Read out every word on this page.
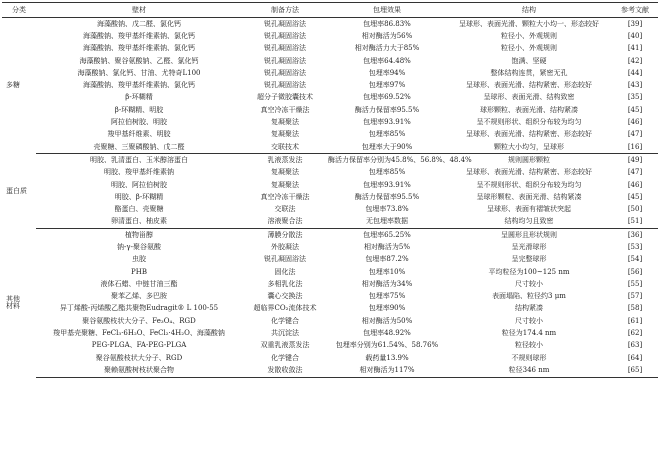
分类	壁材	制备方法	包埋效果	结构	参考文献
多糖	海藻酸钠、戊二醛、氯化钙	锐孔凝固浴法	包埋率86.83%	呈球形、表面光滑、颗粒大小均一、形态较好	[39]
	海藻酸钠、羧甲基纤维素钠、氯化钙	锐孔凝固浴法	相对酶活为56%	粒径小、外观规则	[40]
	海藻酸钠、羧甲基纤维素钠、氯化钙	锐孔凝固浴法	相对酶活力大于85%	粒径小、外观规则	[41]
	海藻酸钠、聚谷氨酸钠、乙醛、氯化钙	锐孔凝固浴法	包埋率64.48%	饱满、坚硬	[42]
	海藻酸钠、氯化钙、甘油、尤特奇L100	锐孔凝固浴法	包埋率94%	整体结构连贯，紧密无孔	[44]
	海藻酸钠、羧甲基纤维素钠、氯化钙	锐孔凝固浴法	包埋率97%	呈球形、表面光滑、结构紧密、形态较好	[43]
	β-环糊精	超分子微胶囊技术	包埋率69.52%	呈球形、表面光滑、结构致密	[35]
	β-环糊精、明胶	真空冷冻干燥法	酶活力保留率95.5%	球形颗粒、表面光滑、结构紧凑	[45]
	阿拉伯树胶、明胶	复凝聚法	包埋率93.91%	呈不规则形状、组织分布较为均匀	[46]
	羧甲基纤维素、明胶	复凝聚法	包埋率85%	呈球形、表面光滑、结构紧密、形态较好	[47]
	壳聚糖、三聚磷酸钠、戊二醛	交联技术	包埋率大于90%	颗粒大小均匀，呈球形	[16]
蛋白质	明胶、乳清蛋白、玉米醇溶蛋白	乳液蒸发法	酶活力保留率分别为45.8%、56.8%、48.4%	规则圆形颗粒	[49]
	明胶、羧甲基纤维素钠	复凝聚法	包埋率85%	呈球形、表面光滑、结构紧密、形态较好	[47]
	明胶、阿拉伯树胶	复凝聚法	包埋率93.91%	呈不规则形状、组织分布较为均匀	[46]
	明胶、β-环糊精	真空冷冻干燥法	酶活力保留率95.5%	呈球形颗粒、表面光滑、结构紧凑	[45]
	酪蛋白、壳聚糖	交联法	包埋率73.8%	呈球形、表面有褶皱状突起	[50]
	卵清蛋白、柚皮素	溶液聚合法	无包埋率数据	结构均匀且致密	[51]
其他
材料	植物甾醇	薄膜分散法	包埋率65.25%	呈圆形且形状规则	[36]
	钠-γ-聚谷氨酸	外胶凝法	相对酶活为5%	呈光滑球形	[53]
	虫胶	锐孔凝固浴法	包埋率87.2%	呈完整球形	[54]
	PHB	固化法	包埋率10%	平均粒径为100~125 nm	[56]
	液体石蜡、中链甘油三酯	多相乳化法	相对酶活为34%	尺寸较小	[55]
	聚苯乙烯、多巴胺	囊心交换法	包埋率75%	表面塌陷、粒径约3 μm	[57]
	异丁烯酸-丙烯酸乙酯共聚物Eudragit® L 100-55	超临界CO₂流体技术	包埋率90%	结构紧凑	[58]
	聚谷氨酸枝状大分子、Fe₃O₄、RGD	化学键合	相对酶活为50%	尺寸较小	[61]
	羧甲基壳聚糖、FeCl₃·6H₂O、FeCl₂·4H₂O、海藻酸钠	共沉淀法	包埋率48.92%	粒径为174.4 nm	[62]
	PEG-PLGA、FA-PEG-PLGA	双重乳液蒸发法	包埋率分别为61.54%、58.76%	粒径较小	[63]
	聚谷氨酸枝状大分子、RGD	化学键合	载药量13.9%	不规则球形	[64]
	聚赖氨酸树枝状聚合物	发散收敛法	相对酶活为117%	粒径346 nm	[65]
